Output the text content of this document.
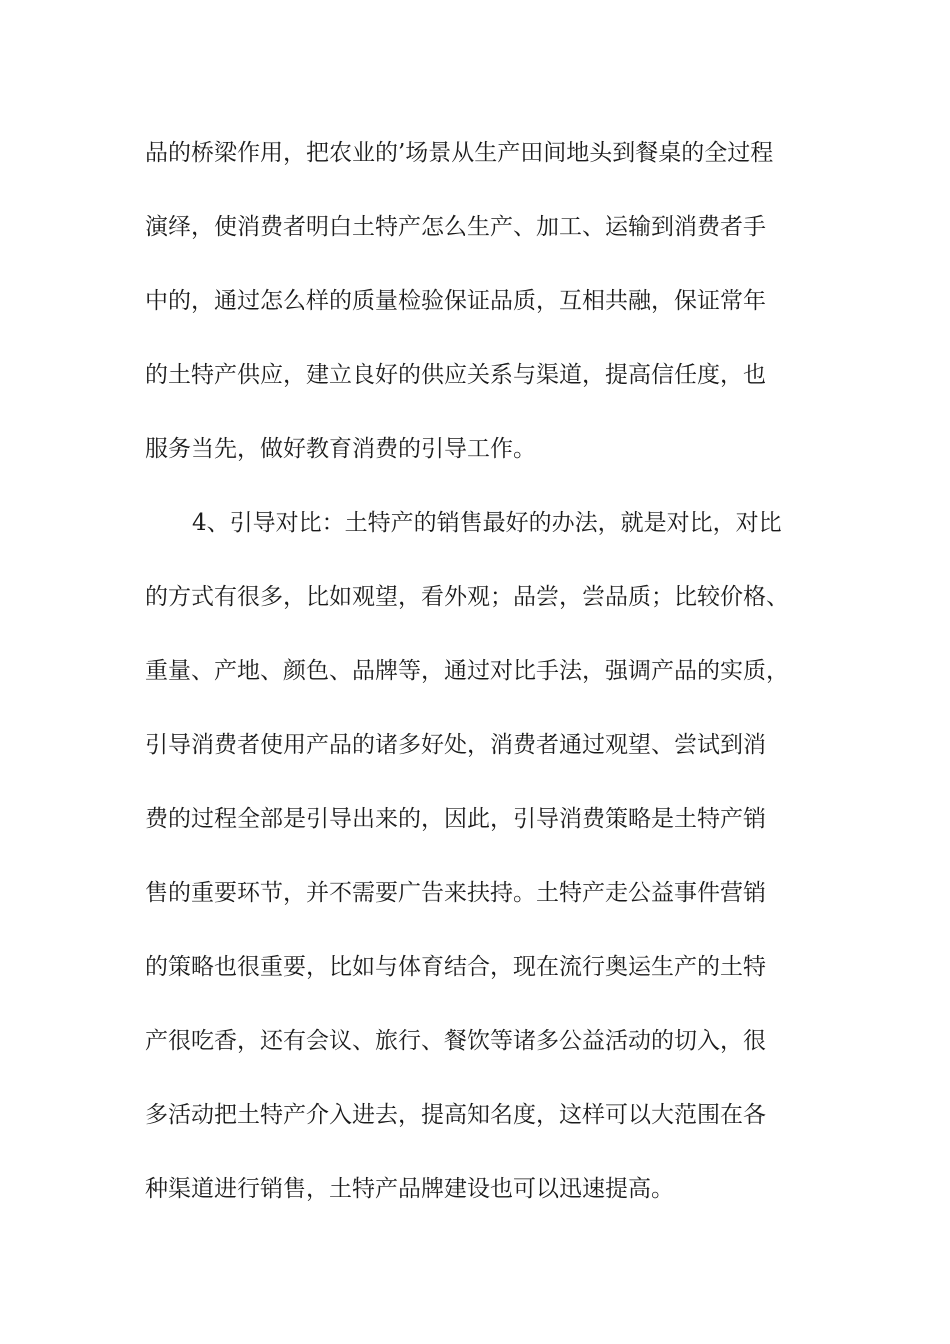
品的桥梁作用，把农业的’场景从生产田间地头到餐桌的全过程
演绎，使消费者明白土特产怎么生产、加工、运输到消费者手
中的，通过怎么样的质量检验保证品质，互相共融，保证常年
的土特产供应，建立良好的供应关系与渠道，提高信任度，也
服务当先，做好教育消费的引导工作。
4、引导对比：土特产的销售最好的办法，就是对比，对比
的方式有很多，比如观望，看外观；品尝，尝品质；比较价格、
重量、产地、颜色、品牌等，通过对比手法，强调产品的实质，
引导消费者使用产品的诸多好处，消费者通过观望、尝试到消
费的过程全部是引导出来的，因此，引导消费策略是土特产销
售的重要环节，并不需要广告来扶持。土特产走公益事件营销
的策略也很重要，比如与体育结合，现在流行奥运生产的土特
产很吃香，还有会议、旅行、餐饮等诸多公益活动的切入，很
多活动把土特产介入进去，提高知名度，这样可以大范围在各
种渠道进行销售，土特产品牌建设也可以迅速提高。
